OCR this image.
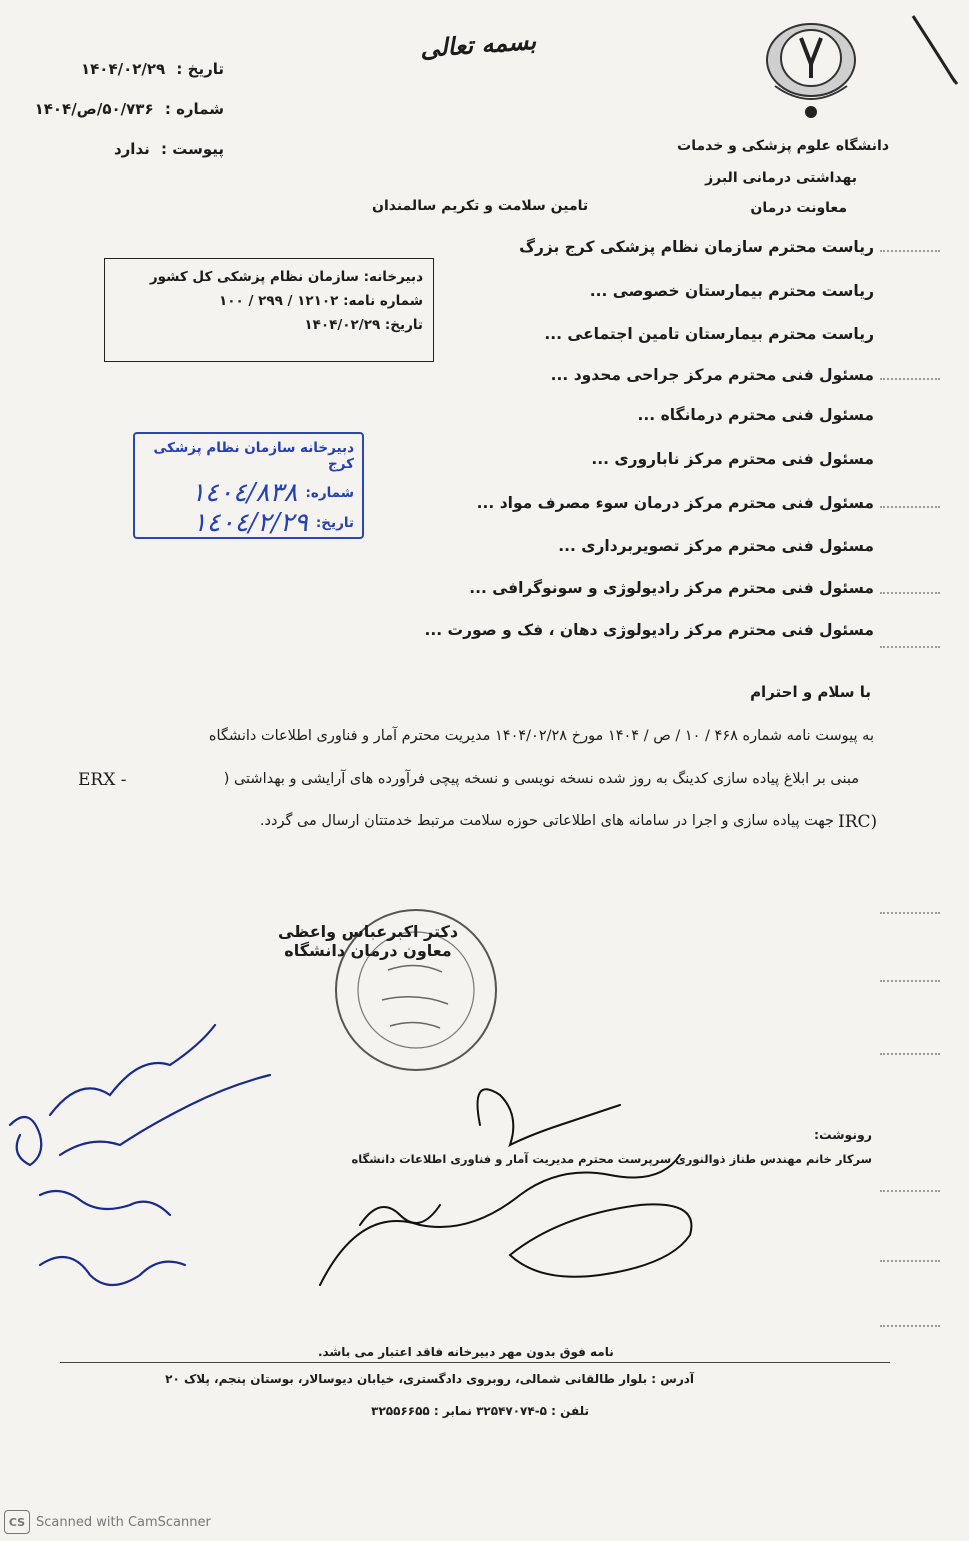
بسمه تعالی
تاریخ : ۱۴۰۴/۰۲/۲۹
شماره : ۵۰/۷۳۶/ص/۱۴۰۴
پیوست : ندارد	دانشگاه علوم پزشکی و خدمات
بهداشتی درمانی البرز
معاونت درمان
تامین سلامت و تکریم سالمندان
دبیرخانه: سازمان نظام پزشکی کل کشور
شماره نامه: ۱۲۱۰۲ / ۲۹۹ / ۱۰۰
تاریخ: ۱۴۰۴/۰۲/۲۹
دبیرخانه سازمان نظام پزشکی کرج
شماره:
١٤٠٤/٨٣٨
تاریخ:
١٤٠٤/٢/٢٩
ریاست محترم سازمان نظام پزشکی کرج بزرگ
ریاست محترم بیمارستان خصوصی ...
ریاست محترم بیمارستان تامین اجتماعی ...
مسئول فنی محترم مرکز جراحی محدود ...
مسئول فنی محترم درمانگاه ...
مسئول فنی محترم مرکز ناباروری ...
مسئول فنی محترم مرکز درمان سوء مصرف مواد ...
مسئول فنی محترم مرکز تصویربرداری ...
مسئول فنی محترم مرکز رادیولوژی و سونوگرافی ...
مسئول فنی محترم مرکز رادیولوژی دهان ، فک و صورت ...
با سلام و احترام
به پیوست نامه شماره ۴۶۸ / ۱۰ / ص / ۱۴۰۴ مورخ ۱۴۰۴/۰۲/۲۸ مدیریت محترم آمار و فناوری اطلاعات دانشگاه
مبنی بر ابلاغ پیاده سازی کدینگ به روز شده نسخه نویسی و نسخه پیچی فرآورده های آرایشی و بهداشتی (
ERX -
جهت پیاده سازی و اجرا در سامانه های اطلاعاتی حوزه سلامت مرتبط خدمتتان ارسال می گردد. IRC)
دکتر اکبرعباس واعظی
معاون درمان دانشگاه
رونوشت:
سرکار خانم مهندس طناز ذوالنوری سرپرست محترم مدیریت آمار و فناوری اطلاعات دانشگاه
نامه فوق بدون مهر دبیرخانه فاقد اعتبار می باشد.
آدرس : بلوار طالقانی شمالی، روبروی دادگستری، خیابان دیوسالار، بوستان پنجم، پلاک ۲۰
تلفن : ۵-۳۲۵۴۷۰۷۴ نمابر : ۳۲۵۵۶۶۵۵
CS Scanned with CamScanner
